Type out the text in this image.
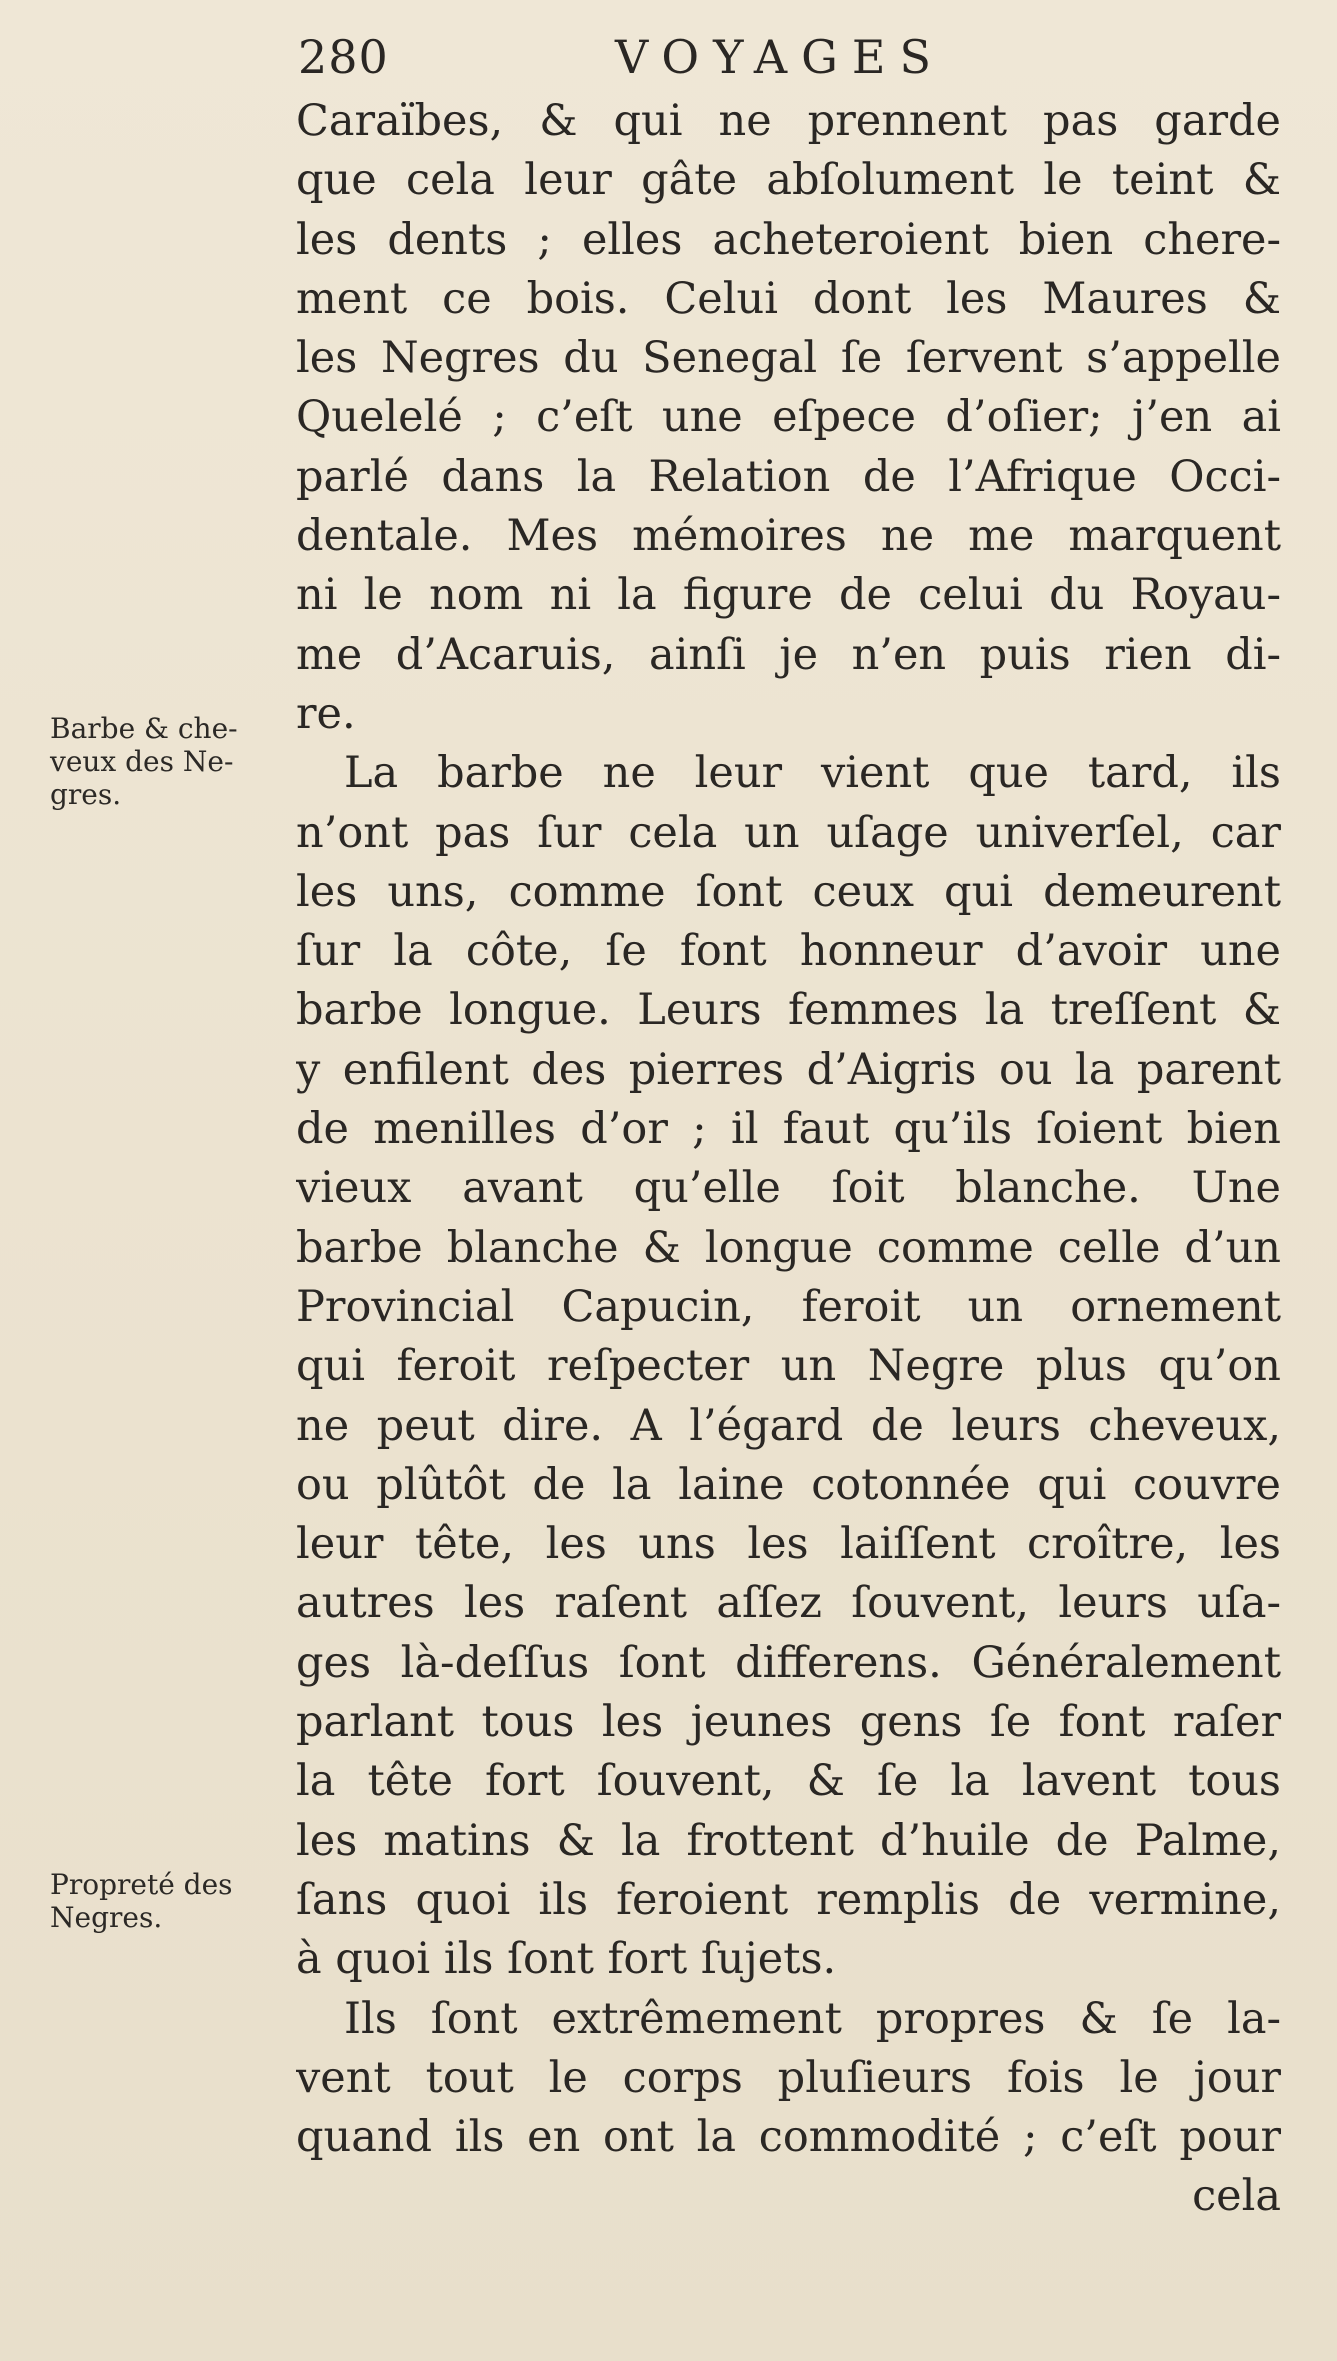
280	VOYAGES
Barbe & che-
veux des Ne-
gres.
Propreté des
Negres.
Caraïbes, & qui ne prennent pas garde
que cela leur gâte abſolument le teint &
les dents ; elles acheteroient bien chere-
ment ce bois. Celui dont les Maures &
les Negres du Senegal ſe ſervent s’appelle
Quelelé ; c’eſt une eſpece d’oſier; j’en ai
parlé dans la Relation de l’Afrique Occi-
dentale. Mes mémoires ne me marquent
ni le nom ni la figure de celui du Royau-
me d’Acaruis, ainſi je n’en puis rien di-
re.
La barbe ne leur vient que tard, ils
n’ont pas ſur cela un uſage univerſel, car
les uns, comme ſont ceux qui demeurent
ſur la côte, ſe font honneur d’avoir une
barbe longue. Leurs femmes la treſſent &
y enfilent des pierres d’Aigris ou la parent
de menilles d’or ; il faut qu’ils ſoient bien
vieux avant qu’elle ſoit blanche. Une
barbe blanche & longue comme celle d’un
Provincial Capucin, feroit un ornement
qui feroit reſpecter un Negre plus qu’on
ne peut dire. A l’égard de leurs cheveux,
ou plûtôt de la laine cotonnée qui couvre
leur tête, les uns les laiſſent croître, les
autres les raſent aſſez ſouvent, leurs uſa-
ges là-deſſus ſont differens. Généralement
parlant tous les jeunes gens ſe font raſer
la tête fort ſouvent, & ſe la lavent tous
les matins & la frottent d’huile de Palme,
ſans quoi ils feroient remplis de vermine,
à quoi ils ſont fort ſujets.
Ils ſont extrêmement propres & ſe la-
vent tout le corps pluſieurs fois le jour
quand ils en ont la commodité ; c’eſt pour
cela
